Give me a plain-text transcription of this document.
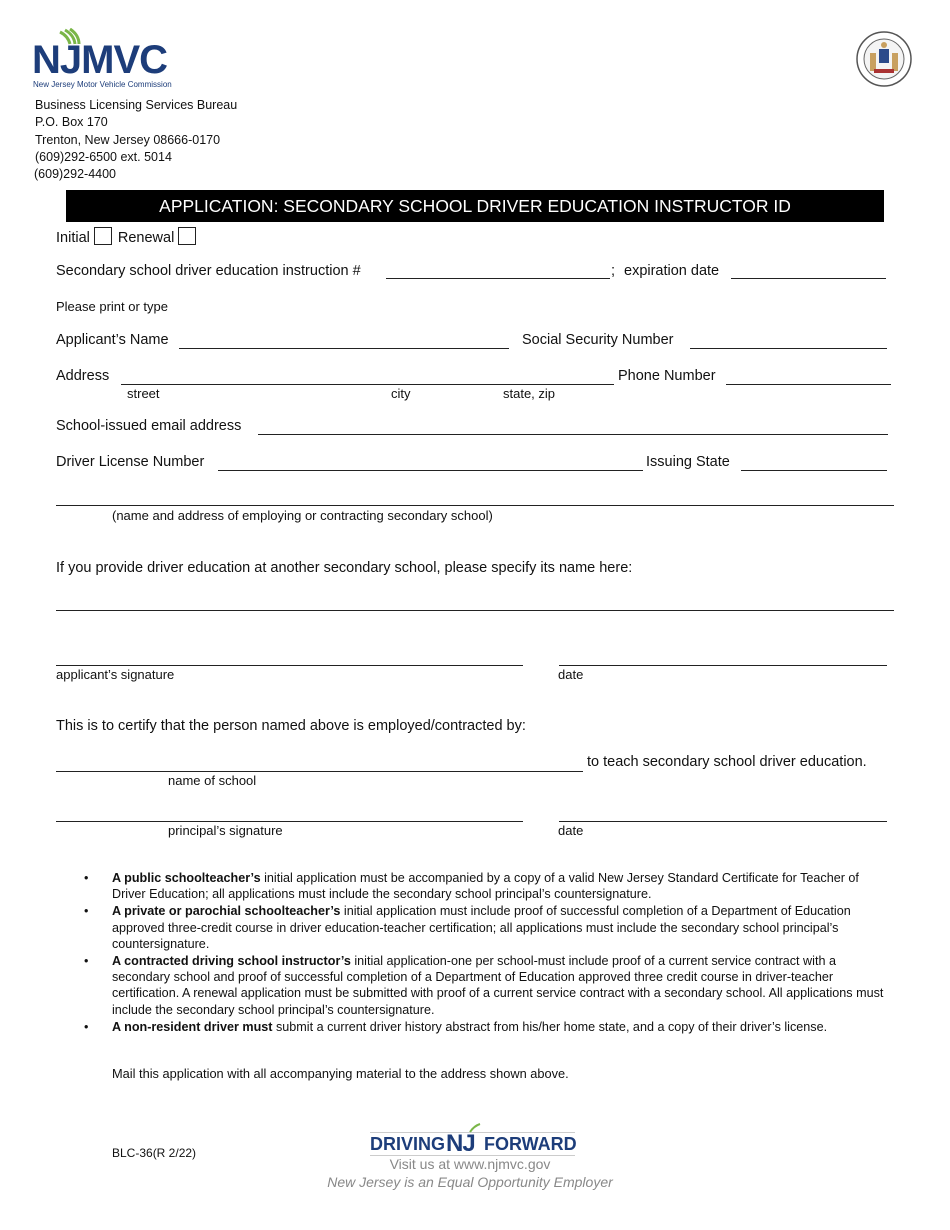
NJMVC
New Jersey Motor Vehicle Commission
Business Licensing Services Bureau
P.O. Box 170
Trenton, New Jersey 08666-0170
(609)292-6500 ext. 5014
(609)292-4400
APPLICATION: SECONDARY SCHOOL DRIVER EDUCATION INSTRUCTOR ID
Initial Renewal
Secondary school driver education instruction #	; expiration date
Please print or type
Applicant’s Name	Social Security Number
Address	Phone Number
street	city	state, zip
School-issued email address
Driver License Number	Issuing State
(name and address of employing or contracting secondary school)
If you provide driver education at another secondary school, please specify its name here:
applicant’s signature	date
This is to certify that the person named above is employed/contracted by:
to teach secondary school driver education.
name of school
principal’s signature	date
• A public schoolteacher’s initial application must be accompanied by a copy of a valid New Jersey Standard Certificate for Teacher of Driver Education; all applications must include the secondary school principal’s countersignature.
• A private or parochial schoolteacher’s initial application must include proof of successful completion of a Department of Education approved three-credit course in driver education-teacher certification; all applications must include the secondary school principal’s countersignature.
• A contracted driving school instructor’s initial application-one per school-must include proof of a current service contract with a secondary school and proof of successful completion of a Department of Education approved three credit course in driver-teacher certification. A renewal application must be submitted with proof of a current service contract with a secondary school. All applications must include the secondary school principal’s countersignature.
• A non-resident driver must submit a current driver history abstract from his/her home state, and a copy of their driver’s license.
Mail this application with all accompanying material to the address shown above.
BLC-36(R 2/22)	DRIVING NJ FORWARD
Visit us at www.njmvc.gov
New Jersey is an Equal Opportunity Employer
